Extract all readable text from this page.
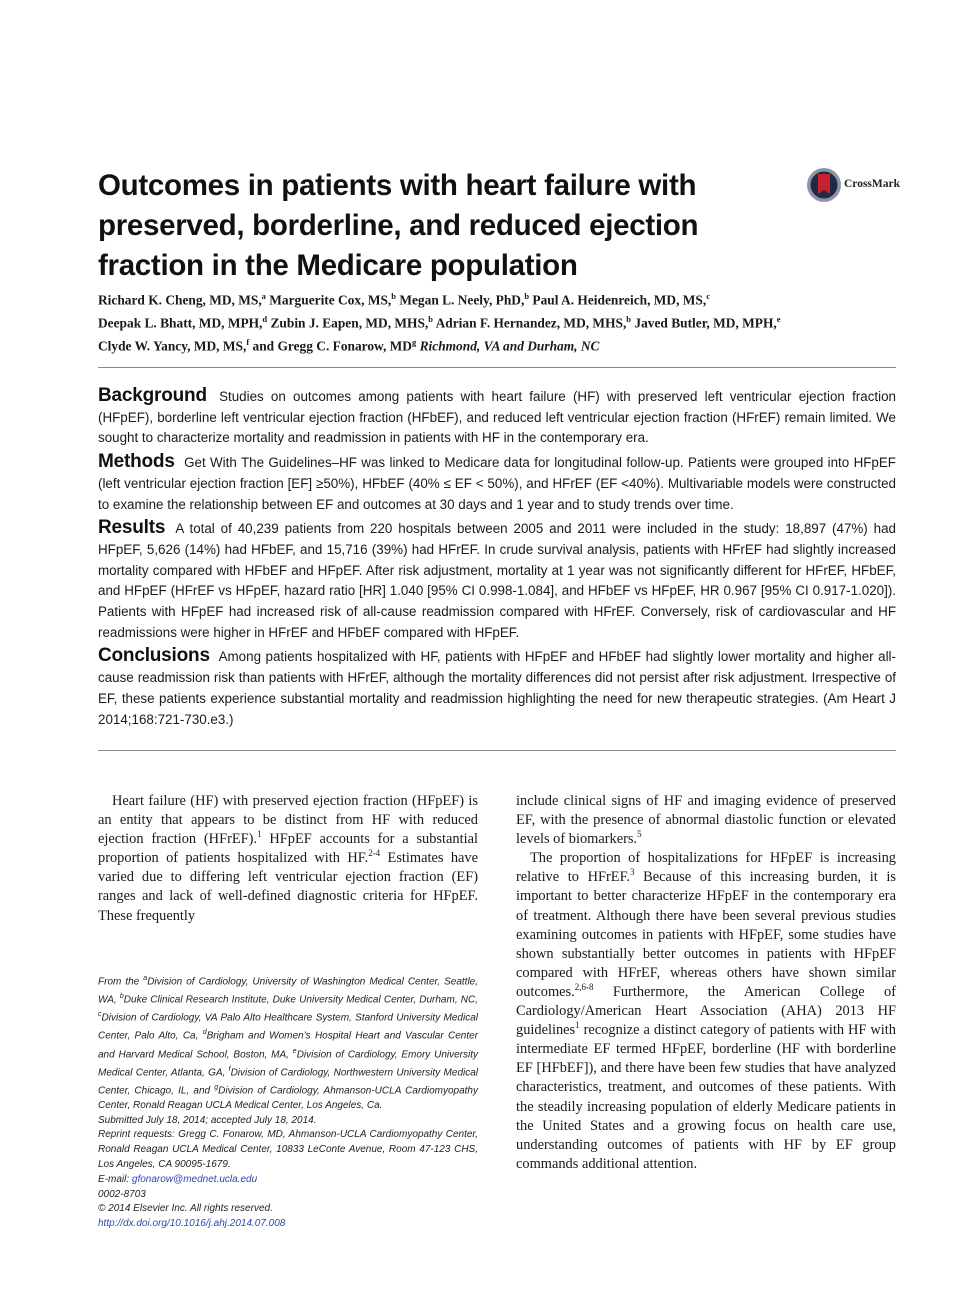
Outcomes in patients with heart failure with
preserved, borderline, and reduced ejection
fraction in the Medicare population
CrossMark
Richard K. Cheng, MD, MS,$^a$ Marguerite Cox, MS,$^b$ Megan L. Neely, PhD,$^b$ Paul A. Heidenreich, MD, MS,$^c$
Deepak L. Bhatt, MD, MPH,$^d$ Zubin J. Eapen, MD, MHS,$^b$ Adrian F. Hernandez, MD, MHS,$^b$ Javed Butler, MD, MPH,$^e$
Clyde W. Yancy, MD, MS,$^f$ and Gregg C. Fonarow, $MD^g$ Richmond, VA and Durham, NC

Background Studies on outcomes among patients with heart failure (HF) with preserved left ventricular ejection fraction (HFpEF), borderline left ventricular ejection fraction (HFbEF), and reduced left ventricular ejection fraction (HFrEF) remain limited. We sought to characterize mortality and readmission in patients with HF in the contemporary era.

Methods Get With The Guidelines–HF was linked to Medicare data for longitudinal follow-up. Patients were grouped into HFpEF (left ventricular ejection fraction [EF] ≥50%), HFbEF (40% ≤ EF < 50%), and HFrEF (EF <40%). Multivariable models were constructed to examine the relationship between EF and outcomes at 30 days and 1 year and to study trends over time.

Results A total of 40,239 patients from 220 hospitals between 2005 and 2011 were included in the study: 18,897 (47%) had HFpEF, 5,626 (14%) had HFbEF, and 15,716 (39%) had HFrEF. In crude survival analysis, patients with HFrEF had slightly increased mortality compared with HFbEF and HFpEF. After risk adjustment, mortality at 1 year was not significantly different for HFrEF, HFbEF, and HFpEF (HFrEF vs HFpEF, hazard ratio [HR] 1.040 [95% CI 0.998-1.084], and HFbEF vs HFpEF, HR 0.967 [95% CI 0.917-1.020]). Patients with HFpEF had increased risk of all-cause readmission compared with HFrEF. Conversely, risk of cardiovascular and HF readmissions were higher in HFrEF and HFbEF compared with HFpEF.

Conclusions Among patients hospitalized with HF, patients with HFpEF and HFbEF had slightly lower mortality and higher all-cause readmission risk than patients with HFrEF, although the mortality differences did not persist after risk adjustment. Irrespective of EF, these patients experience substantial mortality and readmission highlighting the need for new therapeutic strategies. (Am Heart J 2014;168:721-730.e3.)

Heart failure (HF) with preserved ejection fraction (HFpEF) is an entity that appears to be distinct from HF with reduced ejection fraction (HFrEF).$^1$ HFpEF accounts for a substantial proportion of patients hospitalized with HF.$^{2-4}$ Estimates have varied due to differing left ventricular ejection fraction (EF) ranges and lack of well-defined diagnostic criteria for HFpEF. These frequently

include clinical signs of HF and imaging evidence of preserved EF, with the presence of abnormal diastolic function or elevated levels of biomarkers.$^5$

The proportion of hospitalizations for HFpEF is increasing relative to HFrEF.$^3$ Because of this increasing burden, it is important to better characterize HFpEF in the contemporary era of treatment. Although there have been several previous studies examining outcomes in patients with HFpEF, some studies have shown substantially better outcomes in patients with HFpEF compared with HFrEF, whereas others have shown similar outcomes.$^{2,6-8}$ Furthermore, the American College of Cardiology/American Heart Association (AHA) 2013 HF guidelines$^1$ recognize a distinct category of patients with HF with intermediate EF termed HFpEF, borderline (HF with borderline EF [HFbEF]), and there have been few studies that have analyzed characteristics, treatment, and outcomes of these patients. With the steadily increasing population of elderly Medicare patients in the United States and a growing focus on health care use, understanding outcomes of patients with HF by EF group commands additional attention.

From the $^a$Division of Cardiology, University of Washington Medical Center, Seattle, WA, $^b$Duke Clinical Research Institute, Duke University Medical Center, Durham, NC, $^c$Division of Cardiology, VA Palo Alto Healthcare System, Stanford University Medical Center, Palo Alto, Ca, $^d$Brigham and Women’s Hospital Heart and Vascular Center and Harvard Medical School, Boston, MA, $^e$Division of Cardiology, Emory University Medical Center, Atlanta, GA, $^f$Division of Cardiology, Northwestern University Medical Center, Chicago, IL, and $^g$Division of Cardiology, Ahmanson-UCLA Cardiomyopathy Center, Ronald Reagan UCLA Medical Center, Los Angeles, Ca.

Submitted July 18, 2014; accepted July 18, 2014.

Reprint requests: Gregg C. Fonarow, MD, Ahmanson-UCLA Cardiomyopathy Center, Ronald Reagan UCLA Medical Center, 10833 LeConte Avenue, Room 47-123 CHS, Los Angeles, CA 90095-1679.

E-mail: gfonarow@mednet.ucla.edu

0002-8703

© 2014 Elsevier Inc. All rights reserved.

http://dx.doi.org/10.1016/j.ahj.2014.07.008
